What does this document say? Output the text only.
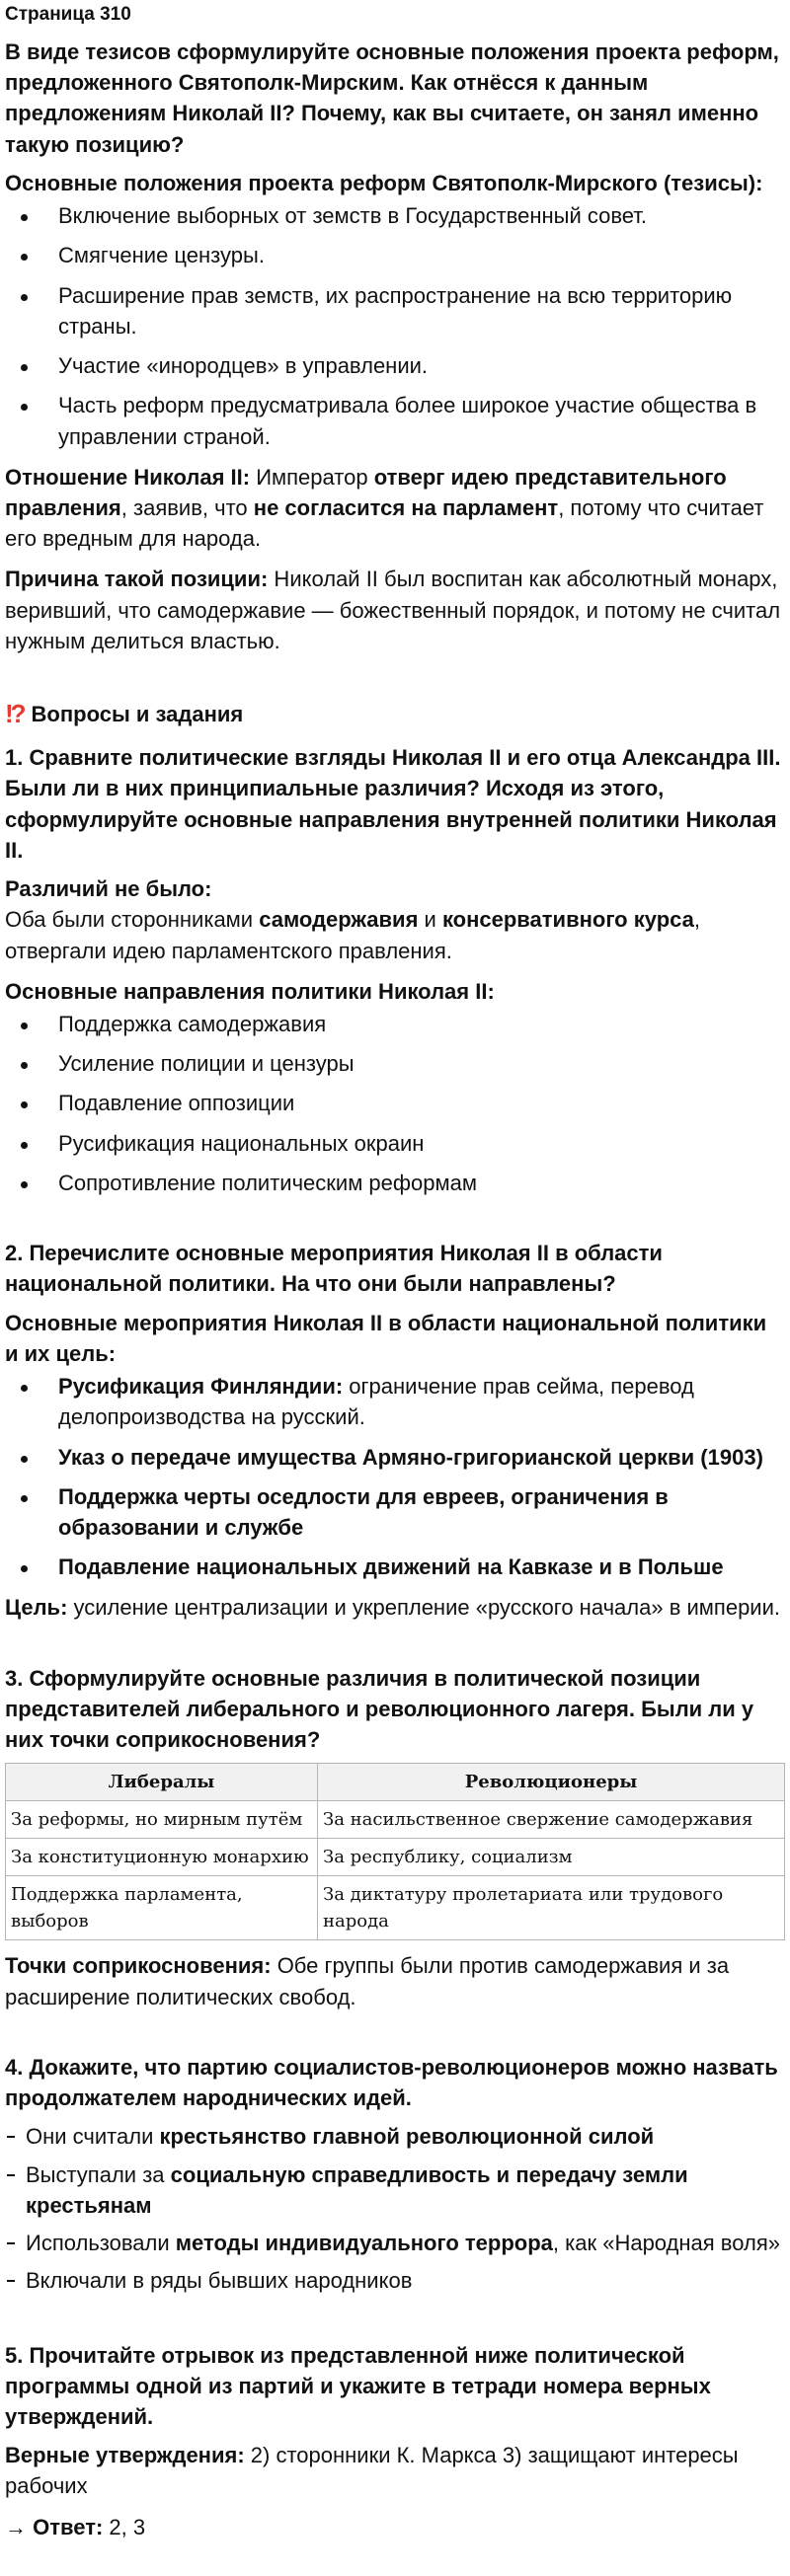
Страница 310
В виде тезисов сформулируйте основные положения проекта реформ, предложенного Святополк-Мирским. Как отнёсся к данным предложениям Николай II? Почему, как вы считаете, он занял именно такую позицию?
Основные положения проекта реформ Святополк-Мирского (тезисы):
Включение выборных от земств в Государственный совет.
Смягчение цензуры.
Расширение прав земств, их распространение на всю территорию страны.
Участие «инородцев» в управлении.
Часть реформ предусматривала более широкое участие общества в управлении страной.

Отношение Николая II: Император отверг идею представительного правления, заявив, что не согласится на парламент, потому что считает его вредным для народа.

Причина такой позиции: Николай II был воспитан как абсолютный монарх, веривший, что самодержавие — божественный порядок, и потому не считал нужным делиться властью.

!? Вопросы и задания
1. Сравните политические взгляды Николая II и его отца Александра III. Были ли в них принципиальные различия? Исходя из этого, сформулируйте основные направления внутренней политики Николая II.
Различий не было:

Оба были сторонниками самодержавия и консервативного курса, отвергали идею парламентского правления.

Основные направления политики Николая II:
Поддержка самодержавия
Усиление полиции и цензуры
Подавление оппозиции
Русификация национальных окраин
Сопротивление политическим реформам
2. Перечислите основные мероприятия Николая II в области национальной политики. На что они были направлены?
Основные мероприятия Николая II в области национальной политики и их цель:
Русификация Финляндии: ограничение прав сейма, перевод делопроизводства на русский.
Указ о передаче имущества Армяно-григорианской церкви (1903)
Поддержка черты оседлости для евреев, ограничения в образовании и службе
Подавление национальных движений на Кавказе и в Польше

Цель: усиление централизации и укрепление «русского начала» в империи.

3. Сформулируйте основные различия в политической позиции представителей либерального и революционного лагеря. Были ли у них точки соприкосновения?
Либералы	Революционеры
За реформы, но мирным путём	За насильственное свержение самодержавия
За конституционную монархию	За республику, социализм
Поддержка парламента, выборов	За диктатуру пролетариата или трудового народа

Точки соприкосновения: Обе группы были против самодержавия и за расширение политических свобод.

4. Докажите, что партию социалистов-революционеров можно назвать продолжателем народнических идей.
Они считали крестьянство главной революционной силой
Выступали за социальную справедливость и передачу земли крестьянам
Использовали методы индивидуального террора, как «Народная воля»
Включали в ряды бывших народников
5. Прочитайте отрывок из представленной ниже политической программы одной из партий и укажите в тетради номера верных утверждений.

Верные утверждения: 2) сторонники К. Маркса 3) защищают интересы рабочих

→ Ответ: 2, 3
